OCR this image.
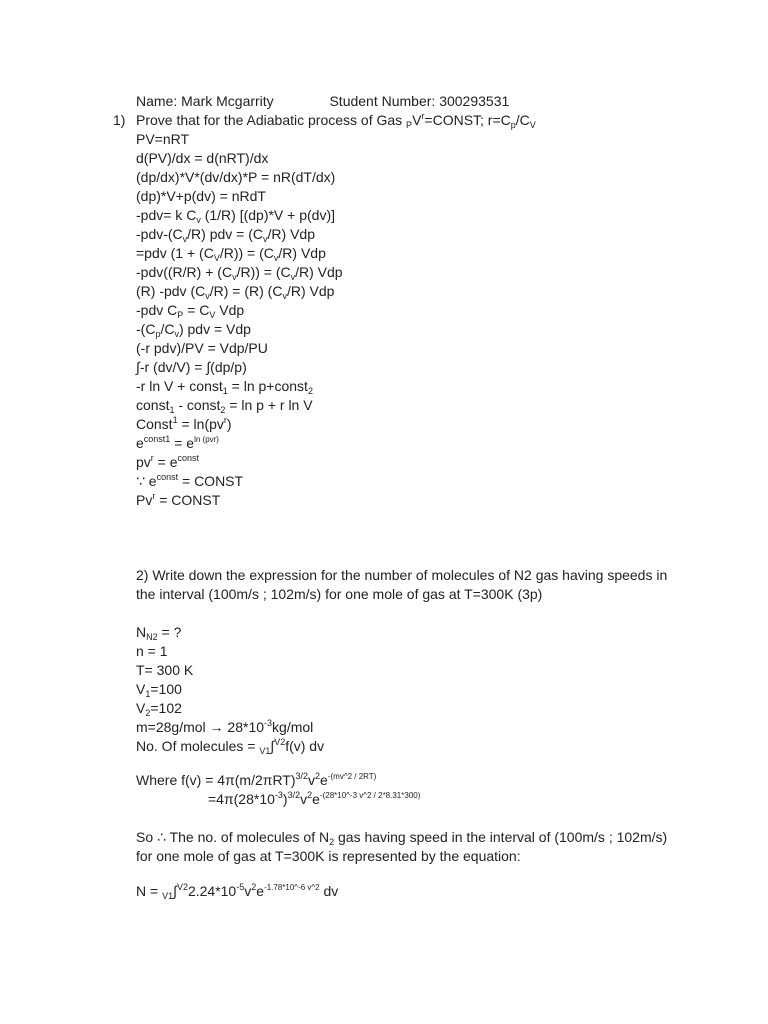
Name: Mark Mcgarrity	Student Number: 300293531
1) Prove that for the Adiabatic process of Gas $_PV^r=CONST$; $r=C_p/C_V$
PV=nRT
d(PV)/dx = d(nRT)/dx
(dp/dx)*V*(dv/dx)*P = nR(dT/dx)
(dp)*V+p(dv) = nRdT
-pdv= k $C_v$ (1/R) [(dp)*V + p(dv)]
$-pdv-(C_v/R)$ pdv = $(C_v/R)$ Vdp
=pdv $(1 + (C_V/R)) = (C_v/R)$ Vdp
$-pdv((R/R) + (C_v/R)) = (C_v/R)$ Vdp
(R) -pdv $(C_v/R) = (R)$ $(C_v/R)$ Vdp
-pdv $C_P = C_V$ Vdp
$-(C_p/C_v)$ pdv = Vdp
(-r pdv)/PV = Vdp/PU
∫-r (dv/V) = ∫(dp/p)
-r ln V + const$_1$ = ln p+const$_2$
const$_1$ - const$_2$ = ln p + r ln V
Const$^1$ = $\ln(pv^r)$
$e^{const1} = e^{ln (pvr)}$
$pv^r = e^{const}$
∵ $e^{const}$ = CONST
$Pv^r$ = CONST
2) Write down the expression for the number of molecules of N2 gas having speeds in
the interval (100m/s ; 102m/s) for one mole of gas at T=300K (3p)
$N_{N2}$ = ?
n = 1
T= 300 K
$V_1=100$
$V_2=102$
$m=28g/mol \to 28*10^{-3}kg$/mol
No. Of molecules = $_{V1}$∫$^{V2}$f(v) dv
Where $f(v) = 4\pi(m/2\pi RT)^{3/2}v^2e^{-(mv\^{}2 / 2RT)}$
$=4\pi(28*10^{-3})^{3/2}v^2e^{-(28*10\^{}-3 v\^{}2 / 2*8.31*300)}$
So ∴ The no. of molecules of $N_2$ gas having speed in the interval of (100m/s ; 102m/s)
for one mole of gas at T=300K is represented by the equation:
$N = _{V1}\int^{V2}2.24*10^{-5}v^2e^{-1.78*10\^{}-6 v\^{}2}$ dv
